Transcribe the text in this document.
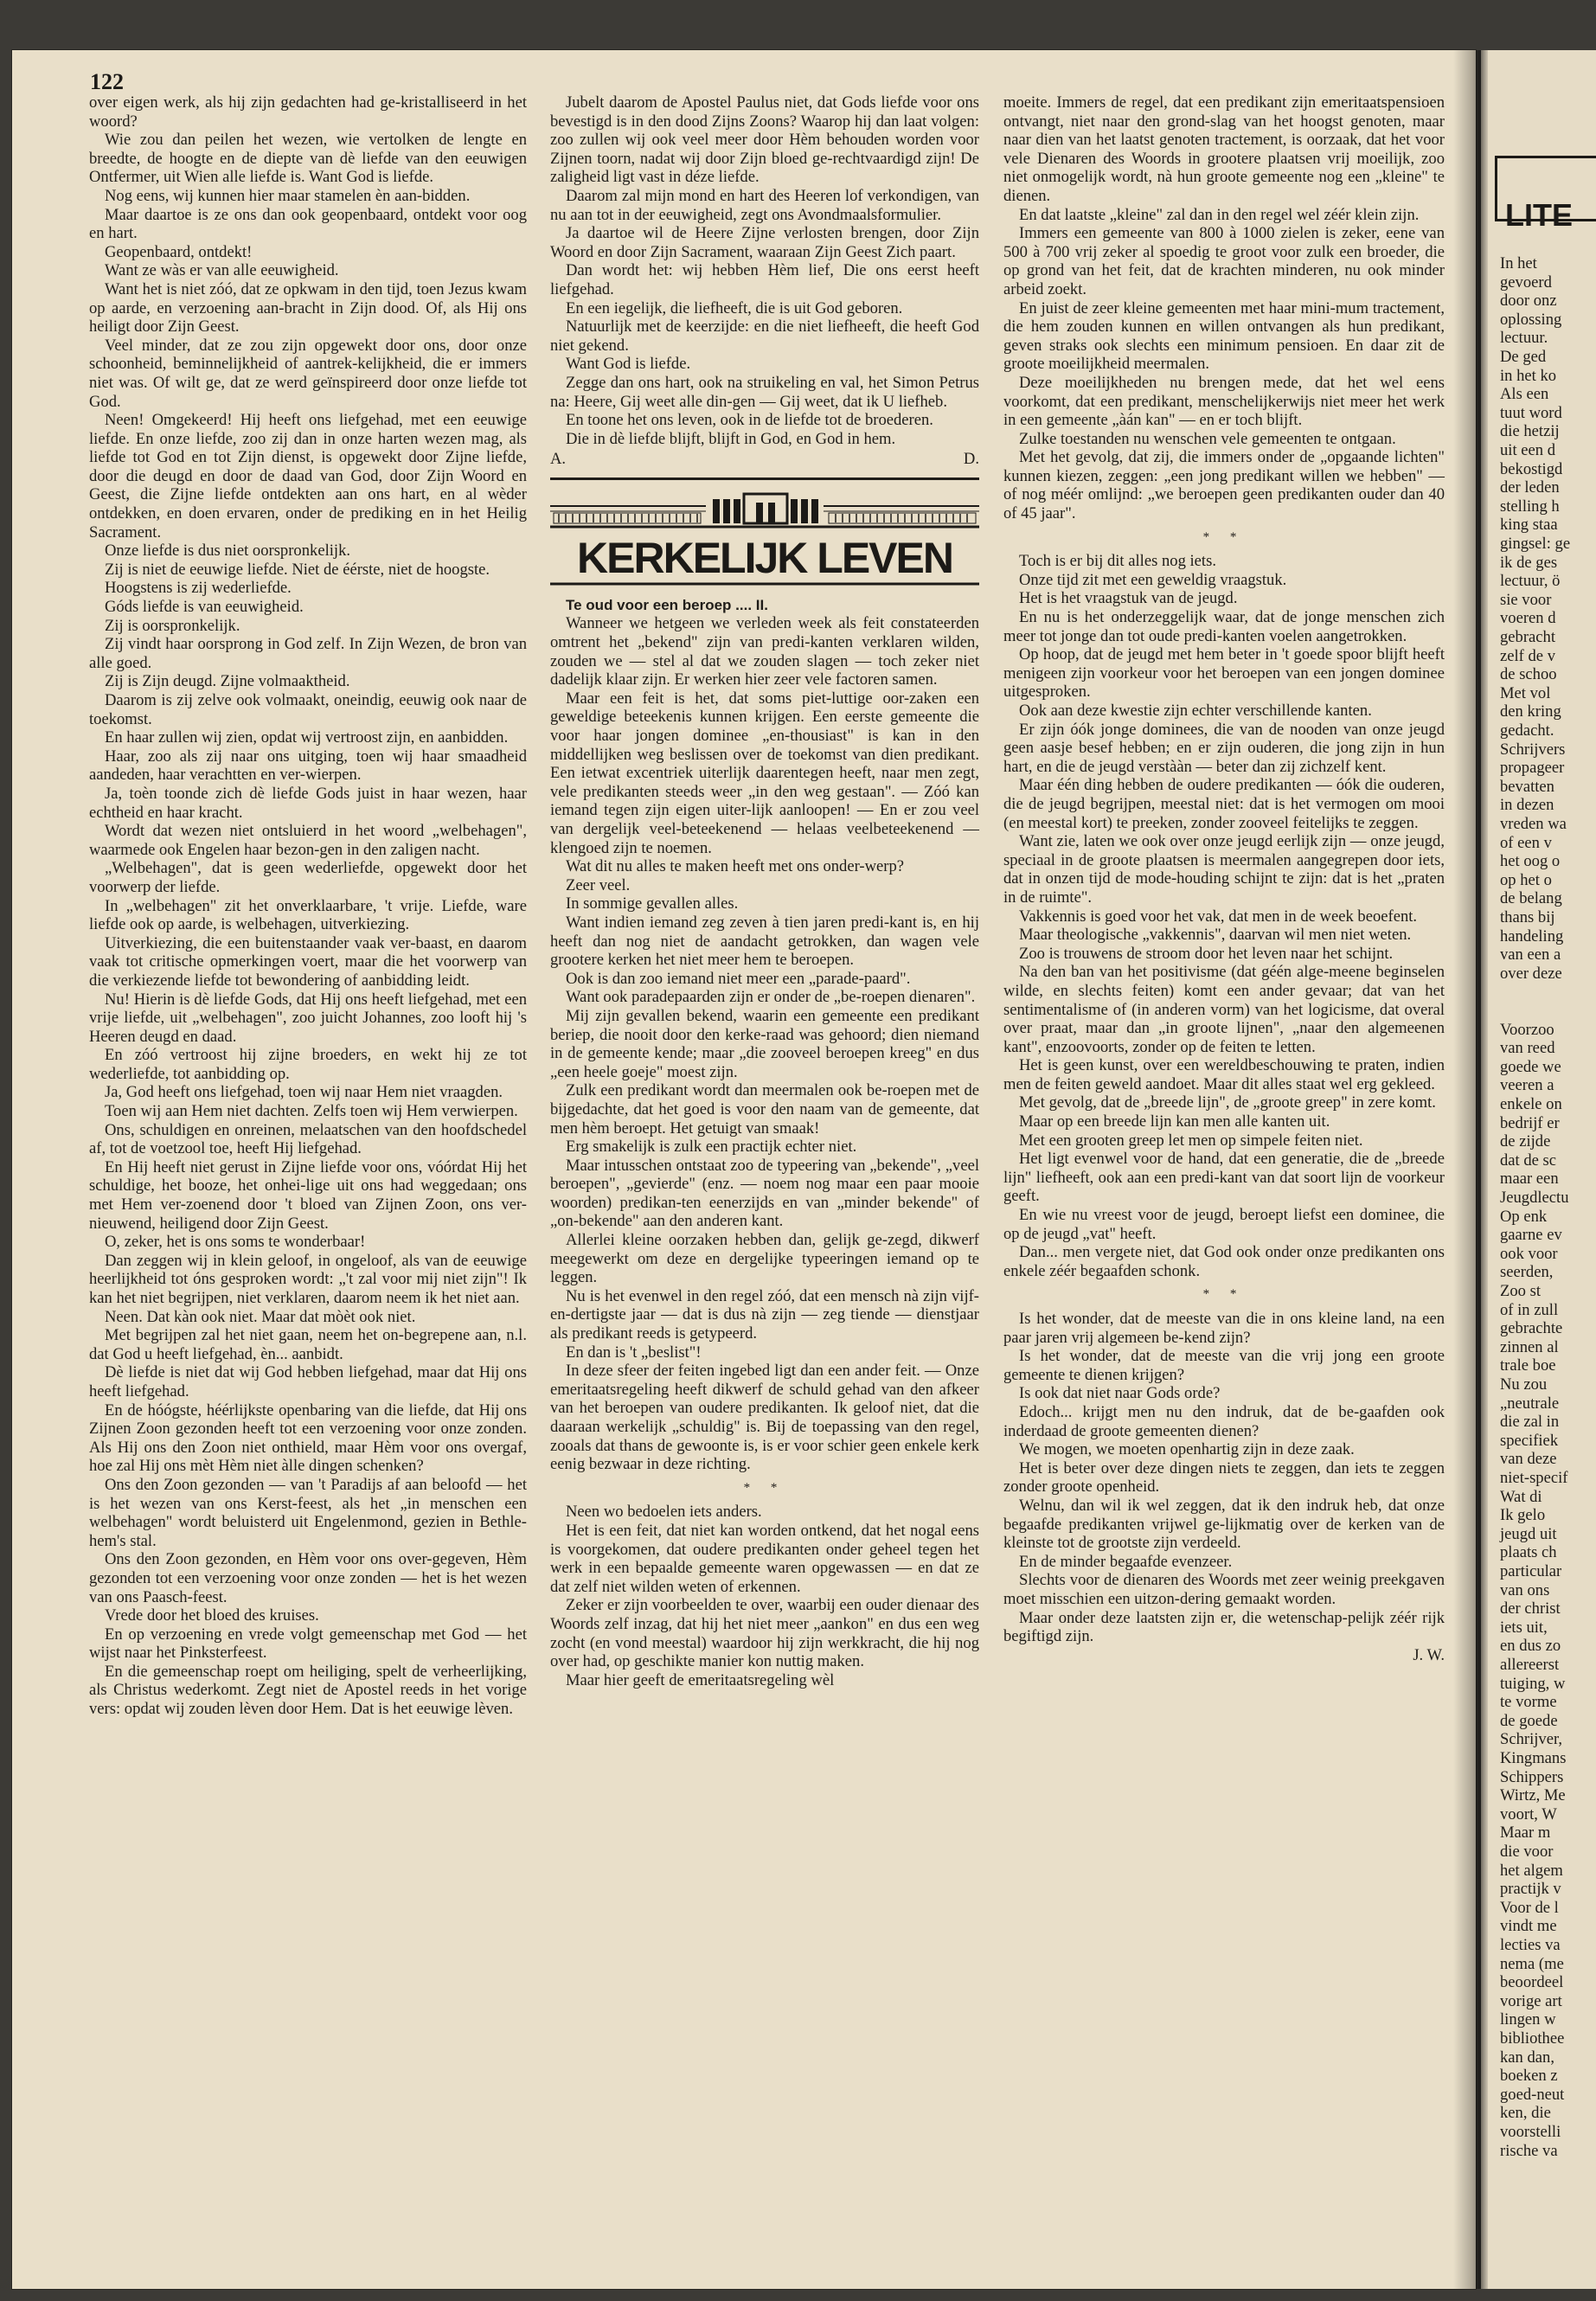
LITE
In het
gevoerd
door onz
oplossing
lectuur.
De ged
in het ko
Als een
tuut word
die hetzij
uit een d
bekostigd
der leden
stelling h
king staa
gingsel: ge
ik de ges
lectuur, ö
sie voor
voeren d
gebracht
zelf de v
de schoo
Met vol
den kring
gedacht.
Schrijvers
propageer
bevatten
in dezen
vreden wa
of een v
het oog o
op het o
de belang
thans bij
handeling
van een a
over deze
Voorzoo
van reed
goede we
veeren a
enkele on
bedrijf er
de zijde
dat de sc
maar een
Jeugdlectu
Op enk
gaarne ev
ook voor
seerden,
Zoo st
of in zull
gebrachte
zinnen al
trale boe
Nu zou
„neutrale
die zal in
specifiek
van deze
niet-specif
Wat di
Ik gelo
jeugd uit
plaats ch
particular
van ons
der christ
iets uit,
en dus zo
allereerst
tuiging, w
te vorme
de goede
Schrijver,
Kingmans
Schippers
Wirtz, Me
voort, W
Maar m
die voor
het algem
practijk v
Voor de l
vindt me
lecties va
nema (me
beoordeel
vorige art
lingen w
bibliothee
kan dan,
boeken z
goed-neut
ken, die
voorstelli
rische va
122

over eigen werk, als hij zijn gedachten had ge-kristalliseerd in het woord?

Wie zou dan peilen het wezen, wie vertolken de lengte en breedte, de hoogte en de diepte van dè liefde van den eeuwigen Ontfermer, uit Wien alle liefde is. Want God is liefde.

Nog eens, wij kunnen hier maar stamelen èn aan-bidden.

Maar daartoe is ze ons dan ook geopenbaard, ontdekt voor oog en hart.

Geopenbaard, ontdekt!

Want ze wàs er van alle eeuwigheid.

Want het is niet zóó, dat ze opkwam in den tijd, toen Jezus kwam op aarde, en verzoening aan-bracht in Zijn dood. Of, als Hij ons heiligt door Zijn Geest.

Veel minder, dat ze zou zijn opgewekt door ons, door onze schoonheid, beminnelijkheid of aantrek-kelijkheid, die er immers niet was. Of wilt ge, dat ze werd geïnspireerd door onze liefde tot God.

Neen! Omgekeerd! Hij heeft ons liefgehad, met een eeuwige liefde. En onze liefde, zoo zij dan in onze harten wezen mag, als liefde tot God en tot Zijn dienst, is opgewekt door Zijne liefde, door die deugd en door de daad van God, door Zijn Woord en Geest, die Zijne liefde ontdekten aan ons hart, en al wèder ontdekken, en doen ervaren, onder de prediking en in het Heilig Sacrament.

Onze liefde is dus niet oorspronkelijk.

Zij is niet de eeuwige liefde. Niet de éérste, niet de hoogste.

Hoogstens is zij wederliefde.

Góds liefde is van eeuwigheid.

Zij is oorspronkelijk.

Zij vindt haar oorsprong in God zelf. In Zijn Wezen, de bron van alle goed.

Zij is Zijn deugd. Zijne volmaaktheid.

Daarom is zij zelve ook volmaakt, oneindig, eeuwig ook naar de toekomst.

En haar zullen wij zien, opdat wij vertroost zijn, en aanbidden.

Haar, zoo als zij naar ons uitging, toen wij haar smaadheid aandeden, haar verachtten en ver-wierpen.

Ja, toèn toonde zich dè liefde Gods juist in haar wezen, haar echtheid en haar kracht.

Wordt dat wezen niet ontsluierd in het woord „welbehagen", waarmede ook Engelen haar bezon-gen in den zaligen nacht.

„Welbehagen", dat is geen wederliefde, opgewekt door het voorwerp der liefde.

In „welbehagen" zit het onverklaarbare, 't vrije. Liefde, ware liefde ook op aarde, is welbehagen, uitverkiezing.

Uitverkiezing, die een buitenstaander vaak ver-baast, en daarom vaak tot critische opmerkingen voert, maar die het voorwerp van die verkiezende liefde tot bewondering of aanbidding leidt.

Nu! Hierin is dè liefde Gods, dat Hij ons heeft liefgehad, met een vrije liefde, uit „welbehagen", zoo juicht Johannes, zoo looft hij 's Heeren deugd en daad.

En zóó vertroost hij zijne broeders, en wekt hij ze tot wederliefde, tot aanbidding op.

Ja, God heeft ons liefgehad, toen wij naar Hem niet vraagden.

Toen wij aan Hem niet dachten. Zelfs toen wij Hem verwierpen.

Ons, schuldigen en onreinen, melaatschen van den hoofdschedel af, tot de voetzool toe, heeft Hij liefgehad.

En Hij heeft niet gerust in Zijne liefde voor ons, vóórdat Hij het schuldige, het booze, het onhei-lige uit ons had weggedaan; ons met Hem ver-zoenend door 't bloed van Zijnen Zoon, ons ver-nieuwend, heiligend door Zijn Geest.

O, zeker, het is ons soms te wonderbaar!

Dan zeggen wij in klein geloof, in ongeloof, als van de eeuwige heerlijkheid tot óns gesproken wordt: „'t zal voor mij niet zijn"! Ik kan het niet begrijpen, niet verklaren, daarom neem ik het niet aan.

Neen. Dat kàn ook niet. Maar dat mòèt ook niet.

Met begrijpen zal het niet gaan, neem het on-begrepene aan, n.l. dat God u heeft liefgehad, èn... aanbidt.

Dè liefde is niet dat wij God hebben liefgehad, maar dat Hij ons heeft liefgehad.

En de hóógste, héérlijkste openbaring van die liefde, dat Hij ons Zijnen Zoon gezonden heeft tot een verzoening voor onze zonden. Als Hij ons den Zoon niet onthield, maar Hèm voor ons overgaf, hoe zal Hij ons mèt Hèm niet àlle dingen schenken?

Ons den Zoon gezonden — van 't Paradijs af aan beloofd — het is het wezen van ons Kerst-feest, als het „in menschen een welbehagen" wordt beluisterd uit Engelenmond, gezien in Bethle-hem's stal.

Ons den Zoon gezonden, en Hèm voor ons over-gegeven, Hèm gezonden tot een verzoening voor onze zonden — het is het wezen van ons Paasch-feest.

Vrede door het bloed des kruises.

En op verzoening en vrede volgt gemeenschap met God — het wijst naar het Pinksterfeest.

En die gemeenschap roept om heiliging, spelt de verheerlijking, als Christus wederkomt. Zegt niet de Apostel reeds in het vorige vers: opdat wij zouden lèven door Hem. Dat is het eeuwige lèven.

Jubelt daarom de Apostel Paulus niet, dat Gods liefde voor ons bevestigd is in den dood Zijns Zoons? Waarop hij dan laat volgen: zoo zullen wij ook veel meer door Hèm behouden worden voor Zijnen toorn, nadat wij door Zijn bloed ge-rechtvaardigd zijn! De zaligheid ligt vast in déze liefde.

Daarom zal mijn mond en hart des Heeren lof verkondigen, van nu aan tot in der eeuwigheid, zegt ons Avondmaalsformulier.

Ja daartoe wil de Heere Zijne verlosten brengen, door Zijn Woord en door Zijn Sacrament, waaraan Zijn Geest Zich paart.

Dan wordt het: wij hebben Hèm lief, Die ons eerst heeft liefgehad.

En een iegelijk, die liefheeft, die is uit God geboren.

Natuurlijk met de keerzijde: en die niet liefheeft, die heeft God niet gekend.

Want God is liefde.

Zegge dan ons hart, ook na struikeling en val, het Simon Petrus na: Heere, Gij weet alle din-gen — Gij weet, dat ik U liefheb.

En toone het ons leven, ook in de liefde tot de broederen.

Die in dè liefde blijft, blijft in God, en God in hem.

A.	D.
KERKELIJK LEVEN

Te oud voor een beroep .... II.

Wanneer we hetgeen we verleden week als feit constateerden omtrent het „bekend" zijn van predi-kanten verklaren wilden, zouden we — stel al dat we zouden slagen — toch zeker niet dadelijk klaar zijn. Er werken hier zeer vele factoren samen.

Maar een feit is het, dat soms piet-luttige oor-zaken een geweldige beteekenis kunnen krijgen. Een eerste gemeente die voor haar jongen dominee „en-thousiast" is kan in den middellijken weg beslissen over de toekomst van dien predikant. Een ietwat excentriek uiterlijk daarentegen heeft, naar men zegt, vele predikanten steeds weer „in den weg gestaan". — Zóó kan iemand tegen zijn eigen uiter-lijk aanloopen! — En er zou veel van dergelijk veel-beteekenend — helaas veelbeteekenend — klengoed zijn te noemen.

Wat dit nu alles te maken heeft met ons onder-werp?

Zeer veel.

In sommige gevallen alles.

Want indien iemand zeg zeven à tien jaren predi-kant is, en hij heeft dan nog niet de aandacht getrokken, dan wagen vele grootere kerken het niet meer hem te beroepen.

Ook is dan zoo iemand niet meer een „parade-paard".

Want ook paradepaarden zijn er onder de „be-roepen dienaren".

Mij zijn gevallen bekend, waarin een gemeente een predikant beriep, die nooit door den kerke-raad was gehoord; dien niemand in de gemeente kende; maar „die zooveel beroepen kreeg" en dus „een heele goeje" moest zijn.

Zulk een predikant wordt dan meermalen ook be-roepen met de bijgedachte, dat het goed is voor den naam van de gemeente, dat men hèm beroept. Het getuigt van smaak!

Erg smakelijk is zulk een practijk echter niet.

Maar intusschen ontstaat zoo de typeering van „bekende", „veel beroepen", „gevierde" (enz. — noem nog maar een paar mooie woorden) predikan-ten eenerzijds en van „minder bekende" of „on-bekende" aan den anderen kant.

Allerlei kleine oorzaken hebben dan, gelijk ge-zegd, dikwerf meegewerkt om deze en dergelijke typeeringen iemand op te leggen.

Nu is het evenwel in den regel zóó, dat een mensch nà zijn vijf-en-dertigste jaar — dat is dus nà zijn — zeg tiende — dienstjaar als predikant reeds is getypeerd.

En dan is 't „beslist"!

In deze sfeer der feiten ingebed ligt dan een ander feit. — Onze emeritaatsregeling heeft dikwerf de schuld gehad van den afkeer van het beroepen van oudere predikanten. Ik geloof niet, dat die daaraan werkelijk „schuldig" is. Bij de toepassing van den regel, zooals dat thans de gewoonte is, is er voor schier geen enkele kerk eenig bezwaar in deze richting.

* *

Neen wo bedoelen iets anders.

Het is een feit, dat niet kan worden ontkend, dat het nogal eens is voorgekomen, dat oudere predikanten onder geheel tegen het werk in een bepaalde gemeente waren opgewassen — en dat ze dat zelf niet wilden weten of erkennen.

Zeker er zijn voorbeelden te over, waarbij een ouder dienaar des Woords zelf inzag, dat hij het niet meer „aankon" en dus een weg zocht (en vond meestal) waardoor hij zijn werkkracht, die hij nog over had, op geschikte manier kon nuttig maken.

Maar hier geeft de emeritaatsregeling wèl

moeite. Immers de regel, dat een predikant zijn emeritaatspensioen ontvangt, niet naar den grond-slag van het hoogst genoten, maar naar dien van het laatst genoten tractement, is oorzaak, dat het voor vele Dienaren des Woords in grootere plaatsen vrij moeilijk, zoo niet onmogelijk wordt, nà hun groote gemeente nog een „kleine" te dienen.

En dat laatste „kleine" zal dan in den regel wel zéér klein zijn.

Immers een gemeente van 800 à 1000 zielen is zeker, eene van 500 à 700 vrij zeker al spoedig te groot voor zulk een broeder, die op grond van het feit, dat de krachten minderen, nu ook minder arbeid zoekt.

En juist de zeer kleine gemeenten met haar mini-mum tractement, die hem zouden kunnen en willen ontvangen als hun predikant, geven straks ook slechts een minimum pensioen. En daar zit de groote moeilijkheid meermalen.

Deze moeilijkheden nu brengen mede, dat het wel eens voorkomt, dat een predikant, menschelijkerwijs niet meer het werk in een gemeente „àán kan" — en er toch blijft.

Zulke toestanden nu wenschen vele gemeenten te ontgaan.

Met het gevolg, dat zij, die immers onder de „opgaande lichten" kunnen kiezen, zeggen: „een jong predikant willen we hebben" — of nog méér omlijnd: „we beroepen geen predikanten ouder dan 40 of 45 jaar".

* *

Toch is er bij dit alles nog iets.

Onze tijd zit met een geweldig vraagstuk.

Het is het vraagstuk van de jeugd.

En nu is het onderzeggelijk waar, dat de jonge menschen zich meer tot jonge dan tot oude predi-kanten voelen aangetrokken.

Op hoop, dat de jeugd met hem beter in 't goede spoor blijft heeft menigeen zijn voorkeur voor het beroepen van een jongen dominee uitgesproken.

Ook aan deze kwestie zijn echter verschillende kanten.

Er zijn óók jonge dominees, die van de nooden van onze jeugd geen aasje besef hebben; en er zijn ouderen, die jong zijn in hun hart, en die de jeugd verstààn — beter dan zij zichzelf kent.

Maar één ding hebben de oudere predikanten — óók die ouderen, die de jeugd begrijpen, meestal niet: dat is het vermogen om mooi (en meestal kort) te preeken, zonder zooveel feitelijks te zeggen.

Want zie, laten we ook over onze jeugd eerlijk zijn — onze jeugd, speciaal in de groote plaatsen is meermalen aangegrepen door iets, dat in onzen tijd de mode-houding schijnt te zijn: dat is het „praten in de ruimte".

Vakkennis is goed voor het vak, dat men in de week beoefent.

Maar theologische „vakkennis", daarvan wil men niet weten.

Zoo is trouwens de stroom door het leven naar het schijnt.

Na den ban van het positivisme (dat géén alge-meene beginselen wilde, en slechts feiten) komt een ander gevaar; dat van het sentimentalisme of (in anderen vorm) van het logicisme, dat overal over praat, maar dan „in groote lijnen", „naar den algemeenen kant", enzoovoorts, zonder op de feiten te letten.

Het is geen kunst, over een wereldbeschouwing te praten, indien men de feiten geweld aandoet. Maar dit alles staat wel erg gekleed.

Met gevolg, dat de „breede lijn", de „groote greep" in zere komt.

Maar op een breede lijn kan men alle kanten uit.

Met een grooten greep let men op simpele feiten niet.

Het ligt evenwel voor de hand, dat een generatie, die de „breede lijn" liefheeft, ook aan een predi-kant van dat soort lijn de voorkeur geeft.

En wie nu vreest voor de jeugd, beroept liefst een dominee, die op de jeugd „vat" heeft.

Dan... men vergete niet, dat God ook onder onze predikanten ons enkele zéér begaafden schonk.

* *

Is het wonder, dat de meeste van die in ons kleine land, na een paar jaren vrij algemeen be-kend zijn?

Is het wonder, dat de meeste van die vrij jong een groote gemeente te dienen krijgen?

Is ook dat niet naar Gods orde?

Edoch... krijgt men nu den indruk, dat de be-gaafden ook inderdaad de groote gemeenten dienen?

We mogen, we moeten openhartig zijn in deze zaak.

Het is beter over deze dingen niets te zeggen, dan iets te zeggen zonder groote openheid.

Welnu, dan wil ik wel zeggen, dat ik den indruk heb, dat onze begaafde predikanten vrijwel ge-lijkmatig over de kerken van de kleinste tot de grootste zijn verdeeld.

En de minder begaafde evenzeer.

Slechts voor de dienaren des Woords met zeer weinig preekgaven moet misschien een uitzon-dering gemaakt worden.

Maar onder deze laatsten zijn er, die wetenschap-pelijk zéér rijk begiftigd zijn.

J. W.
